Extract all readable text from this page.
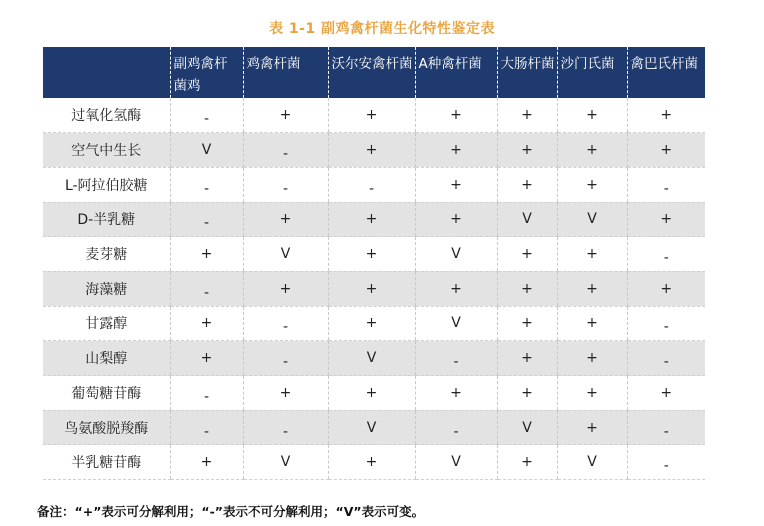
表 1-1 副鸡禽杆菌生化特性鉴定表
	副鸡禽杆菌鸡	鸡禽杆菌	沃尔安禽杆菌	A种禽杆菌	大肠杆菌	沙门氏菌	禽巴氏杆菌
过氧化氢酶	-	+	+	+	+	+	+
空气中生长	V	-	+	+	+	+	+
L-阿拉伯胶糖	-	-	-	+	+	+	-
D-半乳糖	-	+	+	+	V	V	+
麦芽糖	+	V	+	V	+	+	-
海藻糖	-	+	+	+	+	+	+
甘露醇	+	-	+	V	+	+	-
山梨醇	+	-	V	-	+	+	-
葡萄糖苷酶	-	+	+	+	+	+	+
鸟氨酸脱羧酶	-	-	V	-	V	+	-
半乳糖苷酶	+	V	+	V	+	V	-
备注：“+”表示可分解利用；“-”表示不可分解利用；“V”表示可变。
